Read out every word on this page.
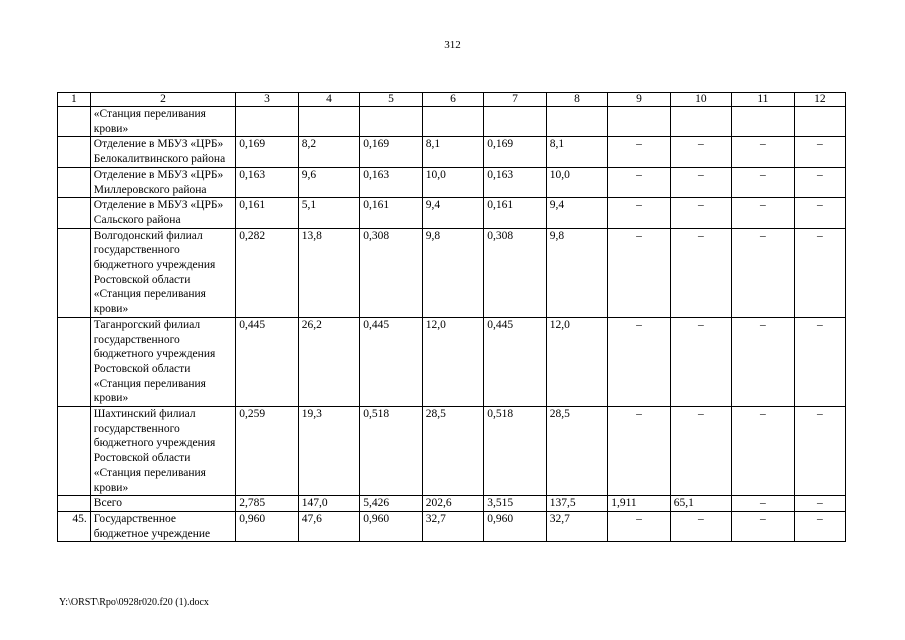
312
1	2	3	4	5	6	7	8	9	10	11	12
	«Станция переливания крови»										
	Отделение в МБУЗ «ЦРБ» Белокалитвинского района	0,169	8,2	0,169	8,1	0,169	8,1	–	–	–	–
	Отделение в МБУЗ «ЦРБ» Миллеровского района	0,163	9,6	0,163	10,0	0,163	10,0	–	–	–	–
	Отделение в МБУЗ «ЦРБ» Сальского района	0,161	5,1	0,161	9,4	0,161	9,4	–	–	–	–
	Волгодонский филиал государственного бюджетного учреждения Ростовской области «Станция переливания крови»	0,282	13,8	0,308	9,8	0,308	9,8	–	–	–	–
	Таганрогский филиал государственного бюджетного учреждения Ростовской области «Станция переливания крови»	0,445	26,2	0,445	12,0	0,445	12,0	–	–	–	–
	Шахтинский филиал государственного бюджетного учреждения Ростовской области «Станция переливания крови»	0,259	19,3	0,518	28,5	0,518	28,5	–	–	–	–
	Всего	2,785	147,0	5,426	202,6	3,515	137,5	1,911	65,1	–	–
45.	Государственное бюджетное учреждение	0,960	47,6	0,960	32,7	0,960	32,7	–	–	–	–
Y:\ORST\Rpo\0928r020.f20 (1).docx
